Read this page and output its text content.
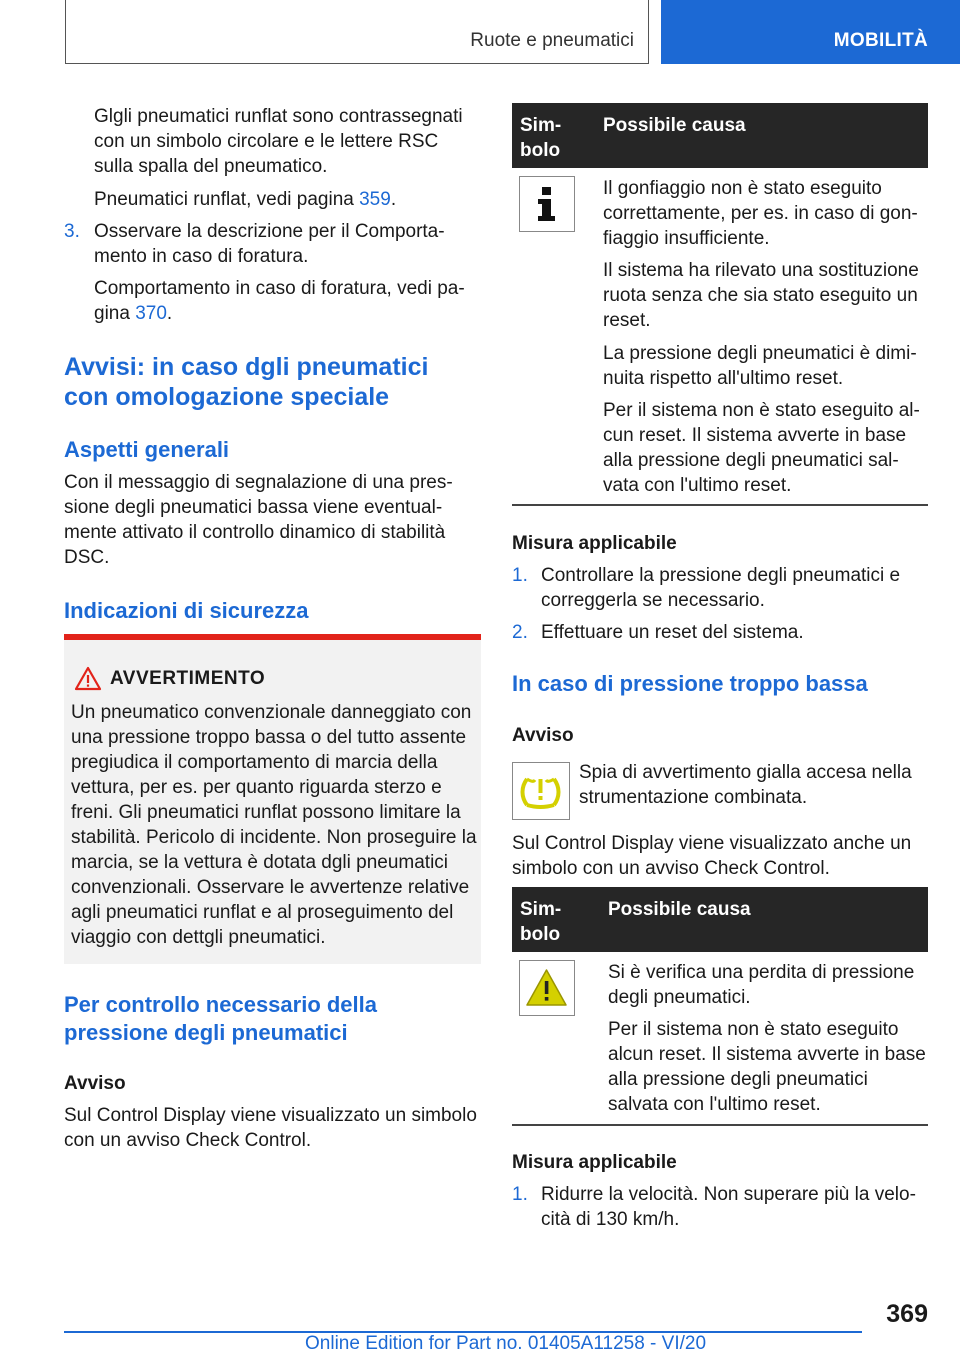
Ruote e pneumatici	MOBILITÀ
Glgli pneumatici runflat sono contrassegnati con un simbolo circolare e le lettere RSC sulla spalla del pneumatico.
Pneumatici runflat, vedi pagina 359.
3. Osservare la descrizione per il Comportamento in caso di foratura.
Comportamento in caso di foratura, vedi pagina 370.
Avvisi: in caso dgli pneumatici con omologazione speciale
Aspetti generali
Con il messaggio di segnalazione di una pressione degli pneumatici bassa viene eventualmente attivato il controllo dinamico di stabilità DSC.
Indicazioni di sicurezza
AVVERTIMENTO
Un pneumatico convenzionale danneggiato con una pressione troppo bassa o del tutto assente pregiudica il comportamento di marcia della vettura, per es. per quanto riguarda sterzo e freni. Gli pneumatici runflat possono limitare la stabilità. Pericolo di incidente. Non proseguire la marcia, se la vettura è dotata dgli pneumatici convenzionali. Osservare le avvertenze relative agli pneumatici runflat e al proseguimento del viaggio con dettgli pneumatici.
Per controllo necessario della pressione degli pneumatici
Avviso
Sul Control Display viene visualizzato un simbolo con un avviso Check Control.
Simbolo
Possibile causa
Il gonfiaggio non è stato eseguito correttamente, per es. in caso di gonfiaggio insufficiente.
Il sistema ha rilevato una sostituzione ruota senza che sia stato eseguito un reset.
La pressione degli pneumatici è diminuita rispetto all'ultimo reset.
Per il sistema non è stato eseguito alcun reset. Il sistema avverte in base alla pressione degli pneumatici salvata con l'ultimo reset.
Misura applicabile
1. Controllare la pressione degli pneumatici e correggerla se necessario.
2. Effettuare un reset del sistema.
In caso di pressione troppo bassa
Avviso
Spia di avvertimento gialla accesa nella strumentazione combinata.
Sul Control Display viene visualizzato anche un simbolo con un avviso Check Control.
Simbolo
Possibile causa
Si è verifica una perdita di pressione degli pneumatici.
Per il sistema non è stato eseguito alcun reset. Il sistema avverte in base alla pressione degli pneumatici salvata con l'ultimo reset.
Misura applicabile
1. Ridurre la velocità. Non superare più la velocità di 130 km/h.
369
Online Edition for Part no. 01405A11258 - VI/20
